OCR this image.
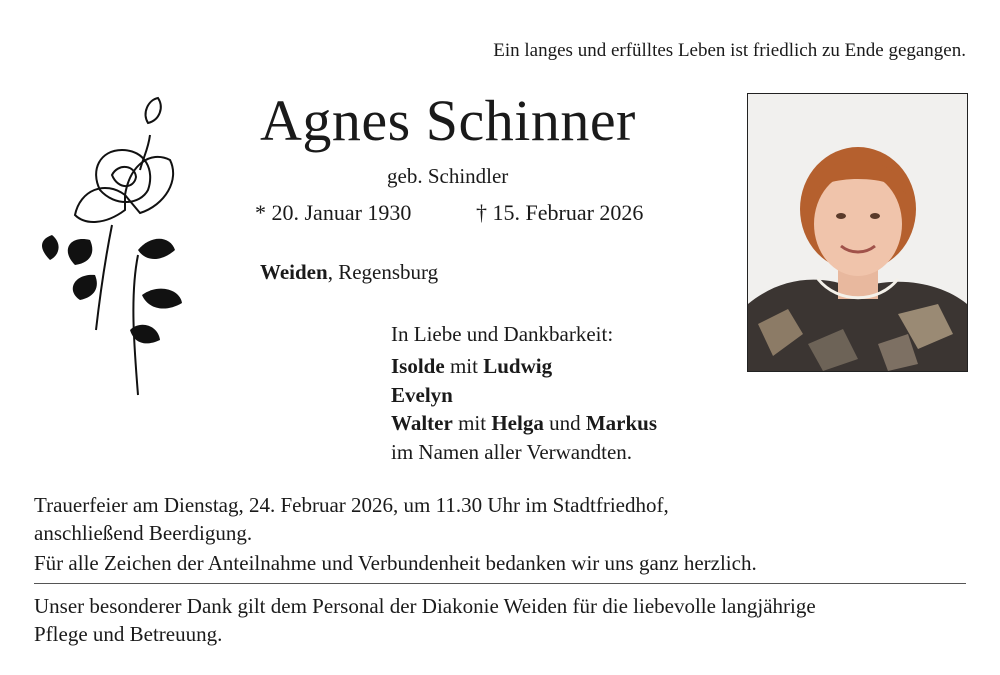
Ein langes und erfülltes Leben ist friedlich zu Ende gegangen.
Agnes Schinner
geb. Schindler
* 20. Januar 1930	† 15. Februar 2026
Weiden, Regensburg
In Liebe und Dankbarkeit:
Isolde mit Ludwig
Evelyn
Walter mit Helga und Markus
im Namen aller Verwandten.
Trauerfeier am Dienstag, 24. Februar 2026, um 11.30 Uhr im Stadtfriedhof,
anschließend Beerdigung.
Für alle Zeichen der Anteilnahme und Verbundenheit bedanken wir uns ganz herzlich.
Unser besonderer Dank gilt dem Personal der Diakonie Weiden für die liebevolle langjährige
Pflege und Betreuung.
